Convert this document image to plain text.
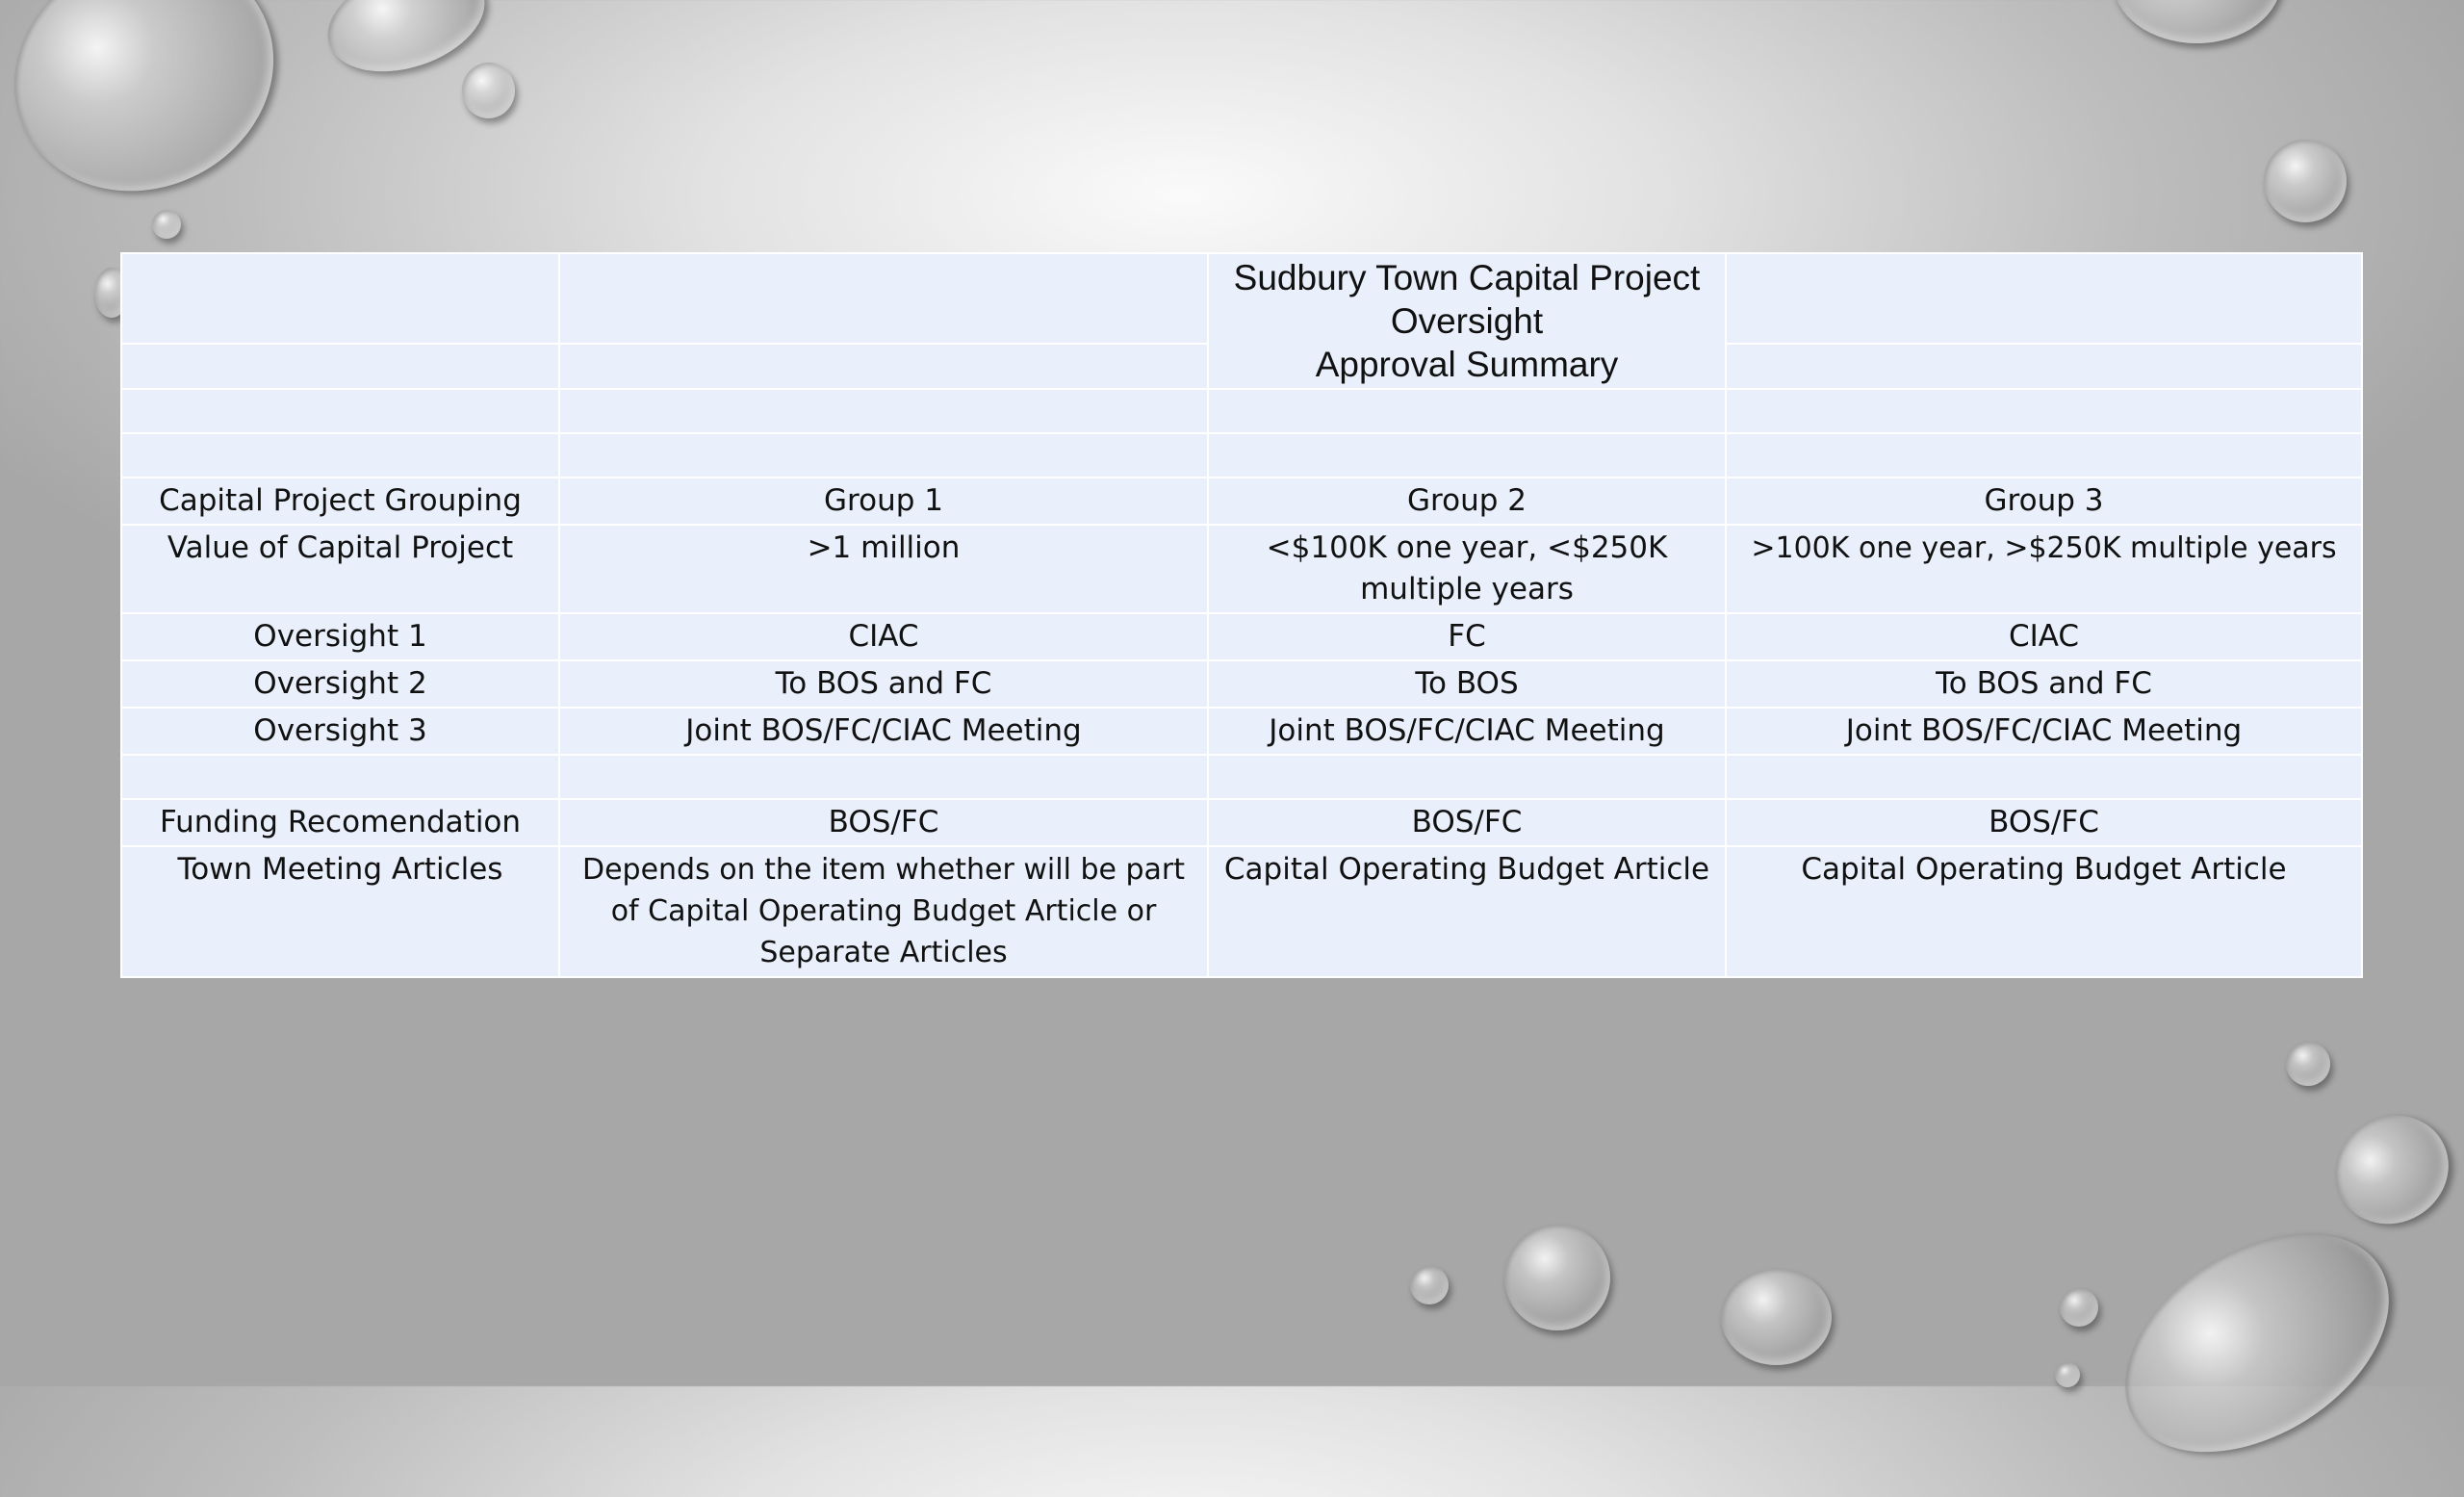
		Sudbury Town Capital Project
Oversight
Approval Summary	

Capital Project Grouping	Group 1	Group 2	Group 3
Value of Capital Project	>1 million	<$100K one year, <$250K multiple years	>100K one year, >$250K multiple years
Oversight 1	CIAC	FC	CIAC
Oversight 2	To BOS and FC	To BOS	To BOS and FC
Oversight 3	Joint BOS/FC/CIAC Meeting	Joint BOS/FC/CIAC Meeting	Joint BOS/FC/CIAC Meeting

Funding Recomendation	BOS/FC	BOS/FC	BOS/FC
Town Meeting Articles	Depends on the item whether will be part of Capital Operating Budget Article or Separate Articles	Capital Operating Budget Article	Capital Operating Budget Article
